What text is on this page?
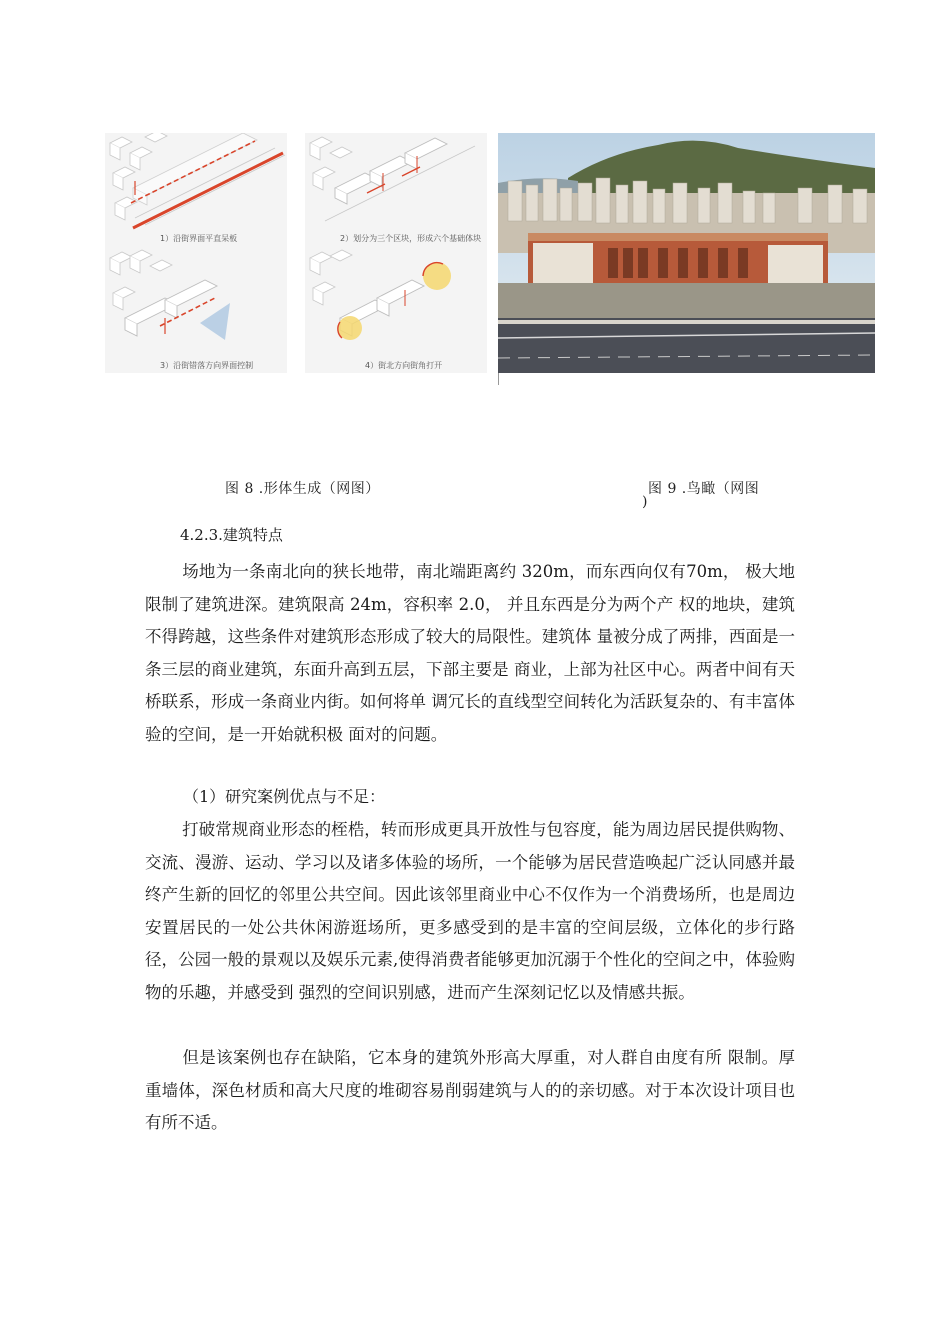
1）沿街界面平直呆板	2）划分为三个区块，形成六个基础体块
3）沿街错落方向界面控制	4）街北方向街角打开
图 8 .形体生成（网图）	图 9 .鸟瞰（网图
)
4.2.3.建筑特点

场地为一条南北向的狭长地带，南北端距离约 320m，而东西向仅有70m， 极大地限制了建筑进深。建筑限高 24m，容积率 2.0， 并且东西是分为两个产 权的地块，建筑不得跨越，这些条件对建筑形态形成了较大的局限性。建筑体 量被分成了两排，西面是一条三层的商业建筑，东面升高到五层，下部主要是 商业，上部为社区中心。两者中间有天桥联系，形成一条商业内街。如何将单 调冗长的直线型空间转化为活跃复杂的、有丰富体验的空间，是一开始就积极 面对的问题。

（1）研究案例优点与不足：

打破常规商业形态的桎梏，转而形成更具开放性与包容度，能为周边居民提供购物、交流、漫游、运动、学习以及诸多体验的场所，一个能够为居民营造唤起广泛认同感并最终产生新的回忆的邻里公共空间。因此该邻里商业中心不仅作为一个消费场所，也是周边安置居民的一处公共休闲游逛场所，更多感受到的是丰富的空间层级，立体化的步行路径，公园一般的景观以及娱乐元素,使得消费者能够更加沉溺于个性化的空间之中，体验购物的乐趣，并感受到 强烈的空间识别感，进而产生深刻记忆以及情感共振。

但是该案例也存在缺陷，它本身的建筑外形高大厚重，对人群自由度有所 限制。厚重墙体，深色材质和高大尺度的堆砌容易削弱建筑与人的的亲切感。对于本次设计项目也有所不适。
